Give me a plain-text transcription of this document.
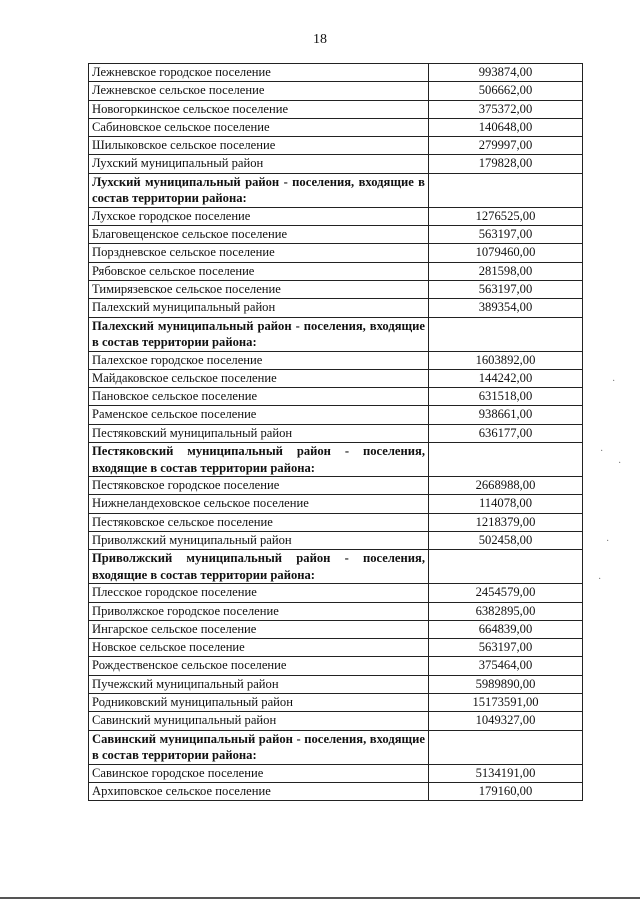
18
Лежневское городское поселение	993874,00
Лежневское сельское поселение	506662,00
Новогоркинское сельское поселение	375372,00
Сабиновское сельское поселение	140648,00
Шилыковское сельское поселение	279997,00
Лухский муниципальный район	179828,00
Лухский муниципальный район - поселения, входящие в состав территории района:	
Лухское городское поселение	1276525,00
Благовещенское сельское поселение	563197,00
Порздневское сельское поселение	1079460,00
Рябовское сельское поселение	281598,00
Тимирязевское сельское поселение	563197,00
Палехский муниципальный район	389354,00
Палехский муниципальный район - поселения, входящие в состав территории района:	
Палехское городское поселение	1603892,00
Майдаковское сельское поселение	144242,00
Пановское сельское поселение	631518,00
Раменское сельское поселение	938661,00
Пестяковский муниципальный район	636177,00
Пестяковский муниципальный район - поселения, входящие в состав территории района:	
Пестяковское городское поселение	2668988,00
Нижнеландеховское сельское поселение	114078,00
Пестяковское сельское поселение	1218379,00
Приволжский муниципальный район	502458,00
Приволжский муниципальный район - поселения, входящие в состав территории района:	
Плесское городское поселение	2454579,00
Приволжское городское поселение	6382895,00
Ингарское сельское поселение	664839,00
Новское сельское поселение	563197,00
Рождественское сельское поселение	375464,00
Пучежский муниципальный район	5989890,00
Родниковский муниципальный район	15173591,00
Савинский муниципальный район	1049327,00
Савинский муниципальный район - поселения, входящие в состав территории района:	
Савинское городское поселение	5134191,00
Архиповское сельское поселение	179160,00
·
·
·
·
·
